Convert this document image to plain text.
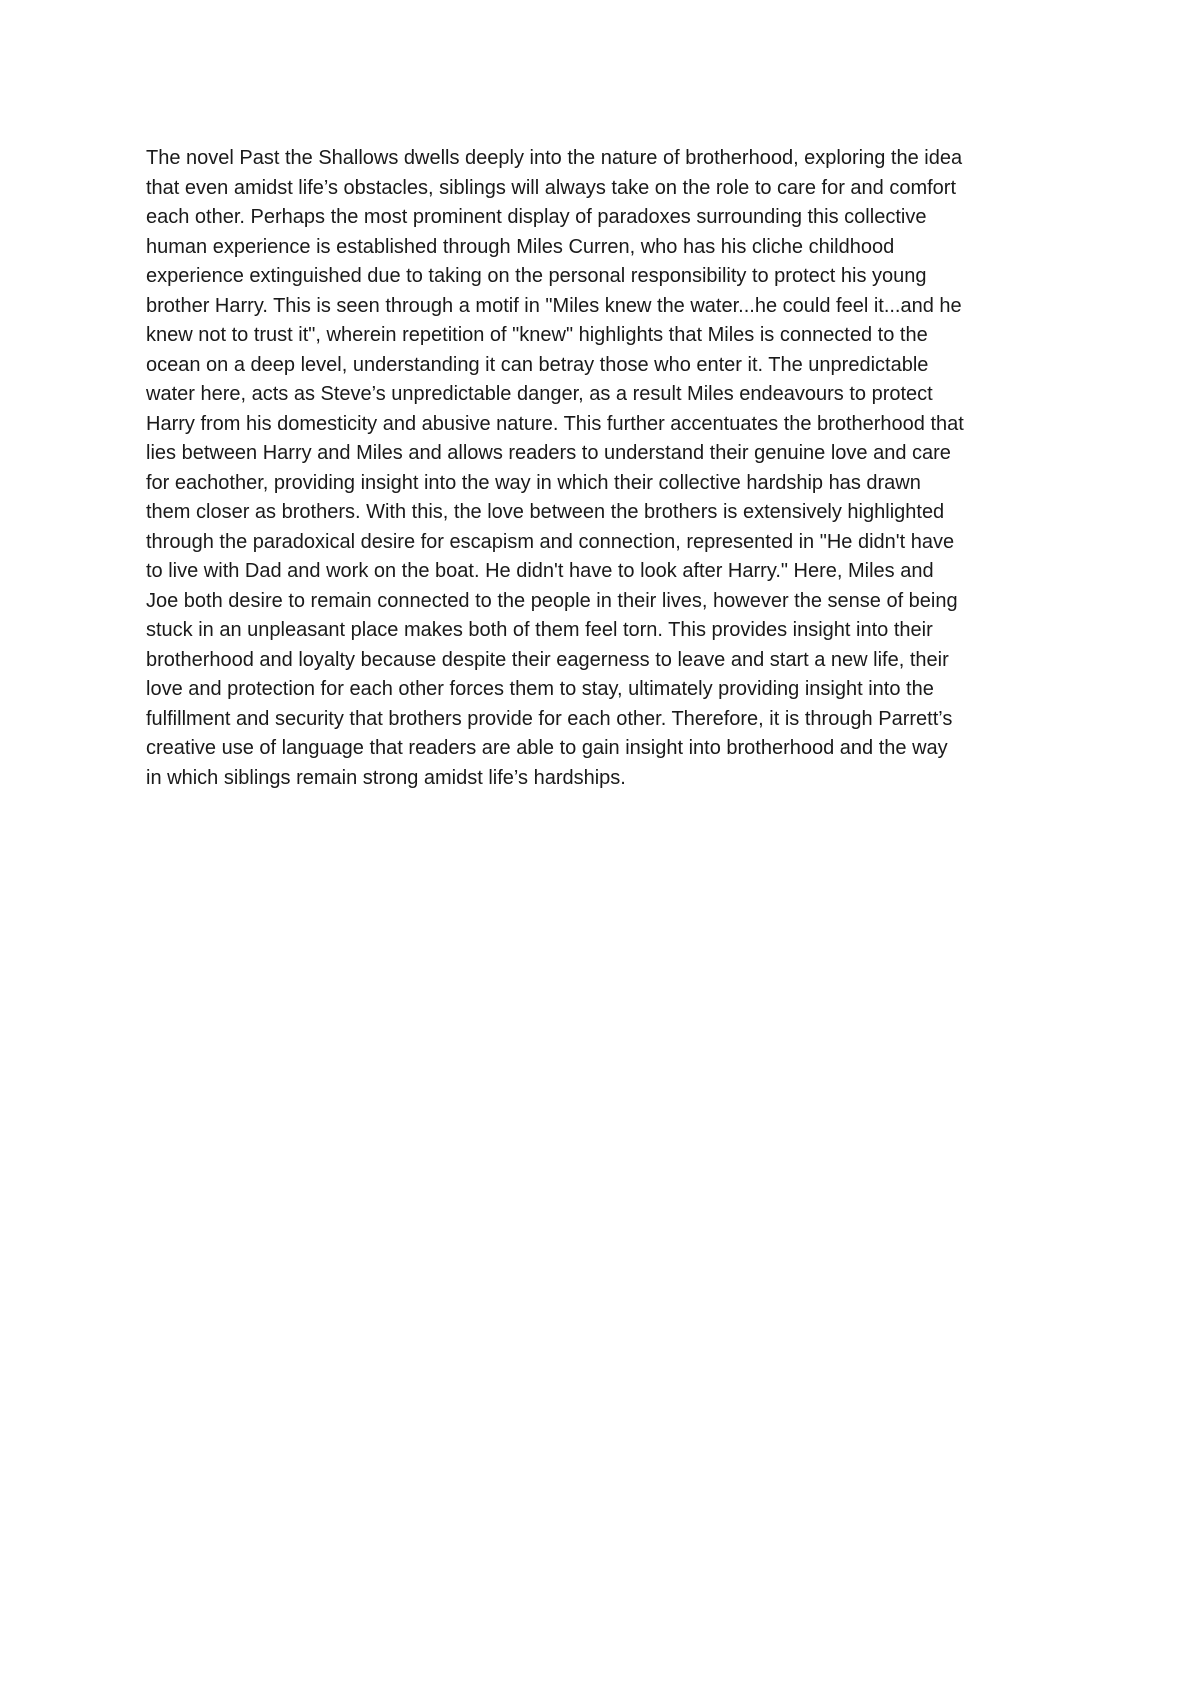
The novel Past the Shallows dwells deeply into the nature of brotherhood, exploring the idea
that even amidst life’s obstacles, siblings will always take on the role to care for and comfort
each other. Perhaps the most prominent display of paradoxes surrounding this collective
human experience is established through Miles Curren, who has his cliche childhood
experience extinguished due to taking on the personal responsibility to protect his young
brother Harry. This is seen through a motif in "Miles knew the water...he could feel it...and he
knew not to trust it", wherein repetition of "knew" highlights that Miles is connected to the
ocean on a deep level, understanding it can betray those who enter it. The unpredictable
water here, acts as Steve’s unpredictable danger, as a result Miles endeavours to protect
Harry from his domesticity and abusive nature. This further accentuates the brotherhood that
lies between Harry and Miles and allows readers to understand their genuine love and care
for eachother, providing insight into the way in which their collective hardship has drawn
them closer as brothers. With this, the love between the brothers is extensively highlighted
through the paradoxical desire for escapism and connection, represented in "He didn't have
to live with Dad and work on the boat. He didn't have to look after Harry." Here, Miles and
Joe both desire to remain connected to the people in their lives, however the sense of being
stuck in an unpleasant place makes both of them feel torn. This provides insight into their
brotherhood and loyalty because despite their eagerness to leave and start a new life, their
love and protection for each other forces them to stay, ultimately providing insight into the
fulfillment and security that brothers provide for each other. Therefore, it is through Parrett’s
creative use of language that readers are able to gain insight into brotherhood and the way
in which siblings remain strong amidst life’s hardships.
